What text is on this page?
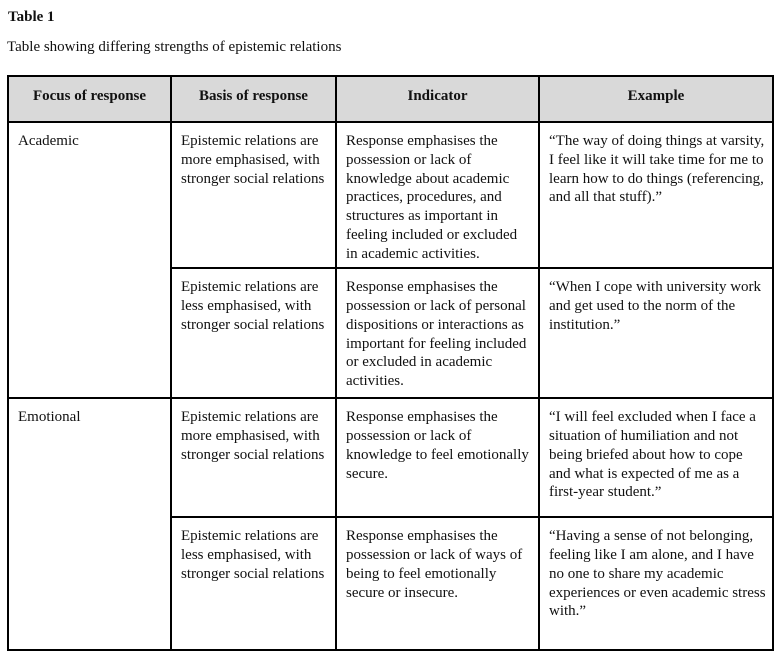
Table 1

Table showing differing strengths of epistemic relations

Focus of response	Basis of response	Indicator	Example
Academic	Epistemic relations are more emphasised, with stronger social relations	Response emphasises the possession or lack of knowledge about academic practices, procedures, and structures as important in feeling included or excluded in academic activities.	“The way of doing things at varsity, I feel like it will take time for me to learn how to do things (referencing, and all that stuff).”
	Epistemic relations are less emphasised, with stronger social relations	Response emphasises the possession or lack of personal dispositions or interactions as important for feeling included or excluded in academic activities.	“When I cope with university work and get used to the norm of the institution.”
Emotional	Epistemic relations are more emphasised, with stronger social relations	Response emphasises the possession or lack of knowledge to feel emotionally secure.	“I will feel excluded when I face a situation of humiliation and not being briefed about how to cope and what is expected of me as a first-year student.”
	Epistemic relations are less emphasised, with stronger social relations	Response emphasises the possession or lack of ways of being to feel emotionally secure or insecure.	“Having a sense of not belonging, feeling like I am alone, and I have no one to share my academic experiences or even academic stress with.”
